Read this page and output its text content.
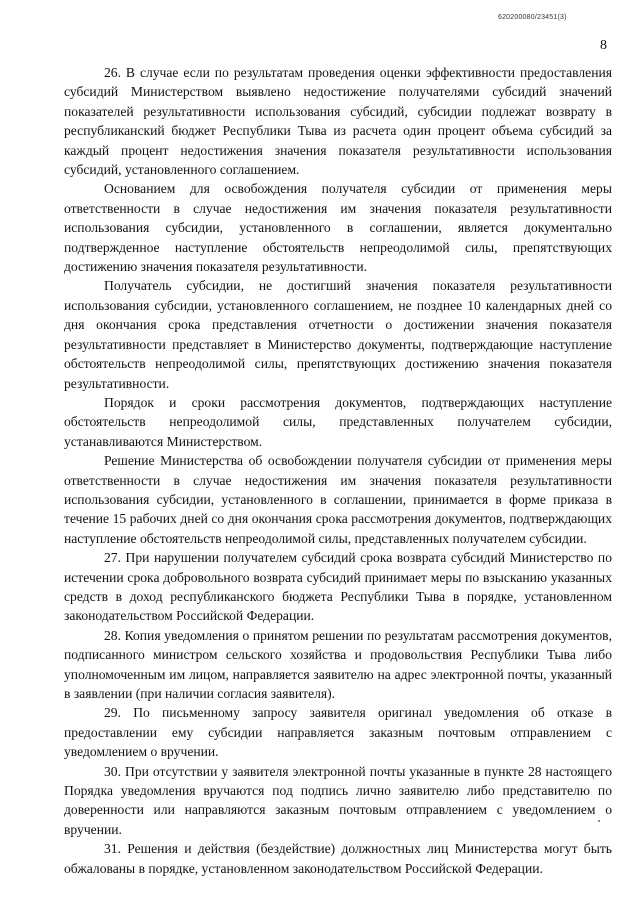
620200080/23451(3)
8

26. В случае если по результатам проведения оценки эффективности предоставления субсидий Министерством выявлено недостижение получателями субсидий значений показателей результативности использования субсидий, субсидии подлежат возврату в республиканский бюджет Республики Тыва из расчета один процент объема субсидий за каждый процент недостижения значения показателя результативности использования субсидий, установленного соглашением.

Основанием для освобождения получателя субсидии от применения меры ответственности в случае недостижения им значения показателя результативности использования субсидии, установленного в соглашении, является документально подтвержденное наступление обстоятельств непреодолимой силы, препятствующих достижению значения показателя результативности.

Получатель субсидии, не достигший значения показателя результативности использования субсидии, установленного соглашением, не позднее 10 календарных дней со дня окончания срока представления отчетности о достижении значения показателя результативности представляет в Министерство документы, подтверждающие наступление обстоятельств непреодолимой силы, препятствующих достижению значения показателя результативности.

Порядок и сроки рассмотрения документов, подтверждающих наступление обстоятельств непреодолимой силы, представленных получателем субсидии, устанавливаются Министерством.

Решение Министерства об освобождении получателя субсидии от применения меры ответственности в случае недостижения им значения показателя результативности использования субсидии, установленного в соглашении, принимается в форме приказа в течение 15 рабочих дней со дня окончания срока рассмотрения документов, подтверждающих наступление обстоятельств непреодолимой силы, представленных получателем субсидии.

27. При нарушении получателем субсидий срока возврата субсидий Министерство по истечении срока добровольного возврата субсидий принимает меры по взысканию указанных средств в доход республиканского бюджета Республики Тыва в порядке, установленном законодательством Российской Федерации.

28. Копия уведомления о принятом решении по результатам рассмотрения документов, подписанного министром сельского хозяйства и продовольствия Республики Тыва либо уполномоченным им лицом, направляется заявителю на адрес электронной почты, указанный в заявлении (при наличии согласия заявителя).

29. По письменному запросу заявителя оригинал уведомления об отказе в предоставлении ему субсидии направляется заказным почтовым отправлением с уведомлением о вручении.

30. При отсутствии у заявителя электронной почты указанные в пункте 28 настоящего Порядка уведомления вручаются под подпись лично заявителю либо представителю по доверенности или направляются заказным почтовым отправлением с уведомлением о вручении.

31. Решения и действия (бездействие) должностных лиц Министерства могут быть обжалованы в порядке, установленном законодательством Российской Федерации.
